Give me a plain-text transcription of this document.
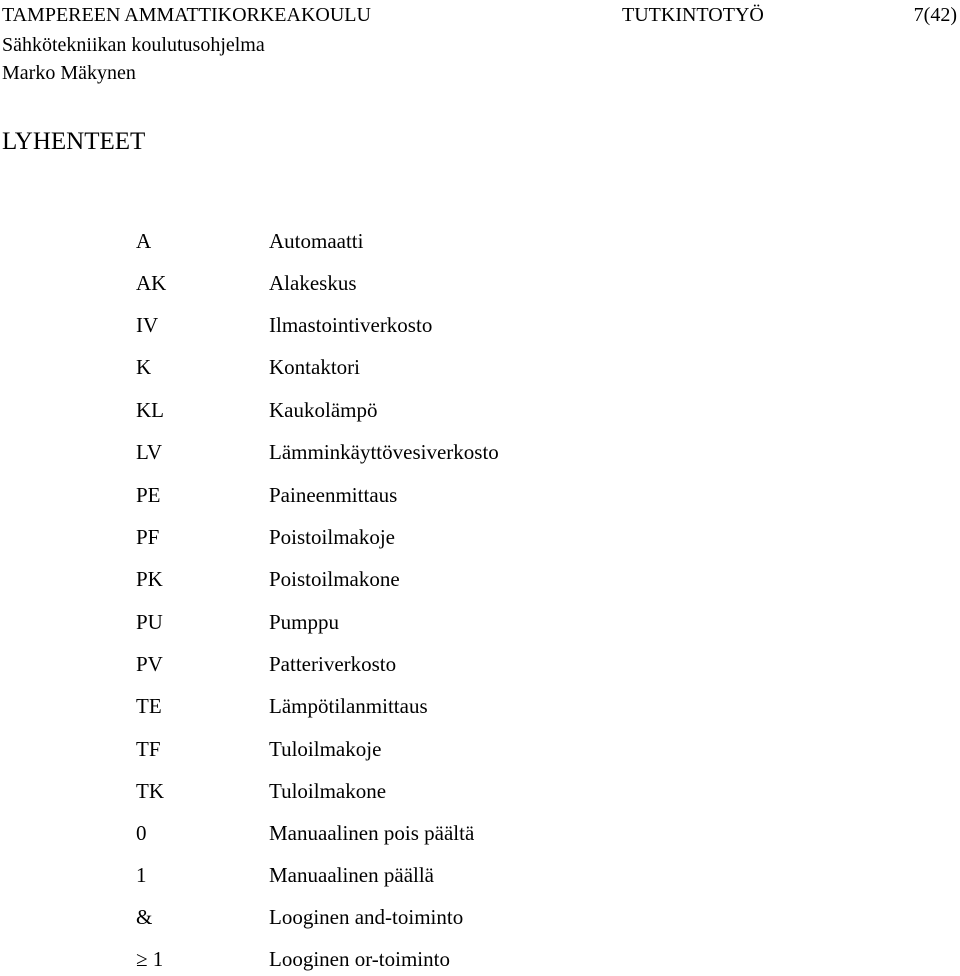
TAMPEREEN AMMATTIKORKEAKOULU	TUTKINTOTYÖ	7(42)
Sähkötekniikan koulutusohjelma
Marko Mäkynen
LYHENTEET
A	Automaatti
AK	Alakeskus
IV	Ilmastointiverkosto
K	Kontaktori
KL	Kaukolämpö
LV	Lämminkäyttövesiverkosto
PE	Paineenmittaus
PF	Poistoilmakoje
PK	Poistoilmakone
PU	Pumppu
PV	Patteriverkosto
TE	Lämpötilanmittaus
TF	Tuloilmakoje
TK	Tuloilmakone
0	Manuaalinen pois päältä
1	Manuaalinen päällä
&	Looginen and-toiminto
≥ 1	Looginen or-toiminto
